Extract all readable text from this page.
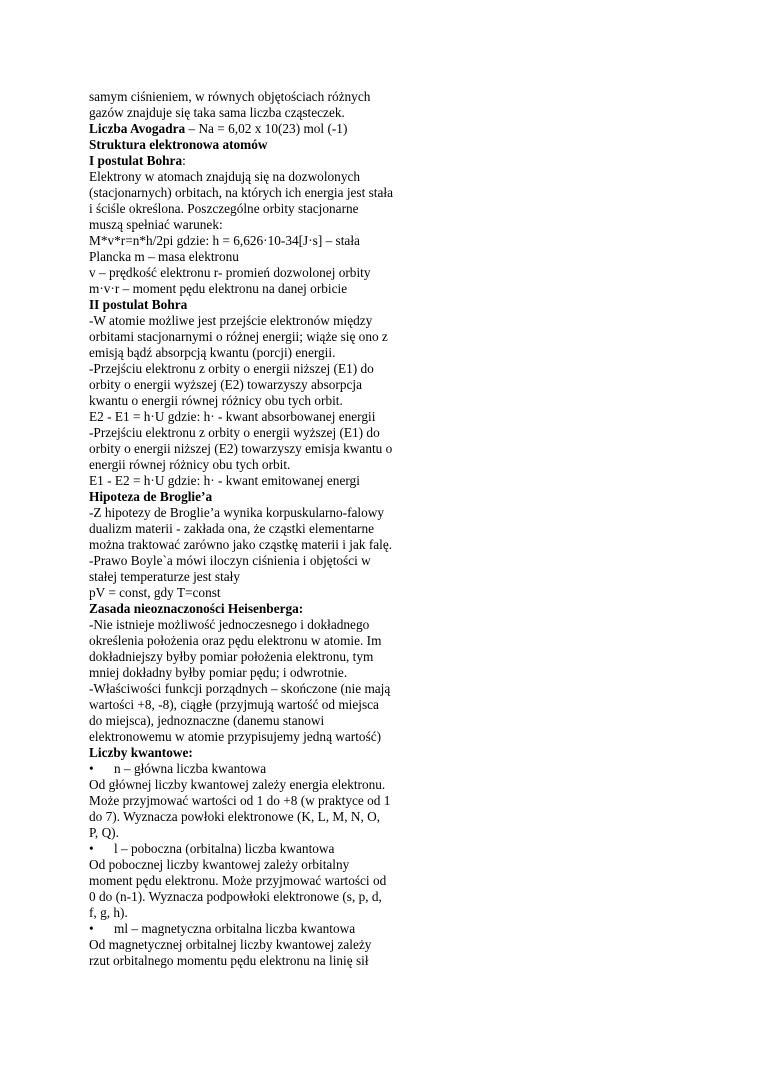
samym ciśnieniem, w równych objętościach różnych
gazów znajduje się taka sama liczba cząsteczek.
Liczba Avogadra – Na = 6,02 x 10(23) mol (-1)
Struktura elektronowa atomów
I postulat Bohra:
Elektrony w atomach znajdują się na dozwolonych
(stacjonarnych) orbitach, na których ich energia jest stała
i ściśle określona. Poszczególne orbity stacjonarne
muszą spełniać warunek:
M*v*r=n*h/2pi gdzie: h = 6,626·10-34[J·s] – stała
Plancka m – masa elektronu
v – prędkość elektronu r- promień dozwolonej orbity
m·v·r – moment pędu elektronu na danej orbicie
II postulat Bohra
-W atomie możliwe jest przejście elektronów między
orbitami stacjonarnymi o różnej energii; wiąże się ono z
emisją bądź absorpcją kwantu (porcji) energii.
-Przejściu elektronu z orbity o energii niższej (E1) do
orbity o energii wyższej (E2) towarzyszy absorpcja
kwantu o energii równej różnicy obu tych orbit.
E2 - E1 = h·U gdzie: h· - kwant absorbowanej energii
-Przejściu elektronu z orbity o energii wyższej (E1) do
orbity o energii niższej (E2) towarzyszy emisja kwantu o
energii równej różnicy obu tych orbit.
E1 - E2 = h·U gdzie: h· - kwant emitowanej energi
Hipoteza de Broglie’a
-Z hipotezy de Broglie’a wynika korpuskularno-falowy
dualizm materii - zakłada ona, że cząstki elementarne
można traktować zarówno jako cząstkę materii i jak falę.
-Prawo Boyle`a mówi iloczyn ciśnienia i objętości w
stałej temperaturze jest stały
pV = const, gdy T=const
Zasada nieoznaczoności Heisenberga:
-Nie istnieje możliwość jednoczesnego i dokładnego
określenia położenia oraz pędu elektronu w atomie. Im
dokładniejszy byłby pomiar położenia elektronu, tym
mniej dokładny byłby pomiar pędu; i odwrotnie.
-Właściwości funkcji porządnych – skończone (nie mają
wartości +8, -8), ciągłe (przyjmują wartość od miejsca
do miejsca), jednoznaczne (danemu stanowi
elektronowemu w atomie przypisujemy jedną wartość)
Liczby kwantowe:
•	n – główna liczba kwantowa
Od głównej liczby kwantowej zależy energia elektronu.
Może przyjmować wartości od 1 do +8 (w praktyce od 1
do 7). Wyznacza powłoki elektronowe (K, L, M, N, O,
P, Q).
•	l – poboczna (orbitalna) liczba kwantowa
Od pobocznej liczby kwantowej zależy orbitalny
moment pędu elektronu. Może przyjmować wartości od
0 do (n-1). Wyznacza podpowłoki elektronowe (s, p, d,
f, g, h).
•	ml – magnetyczna orbitalna liczba kwantowa
Od magnetycznej orbitalnej liczby kwantowej zależy
rzut orbitalnego momentu pędu elektronu na linię sił
